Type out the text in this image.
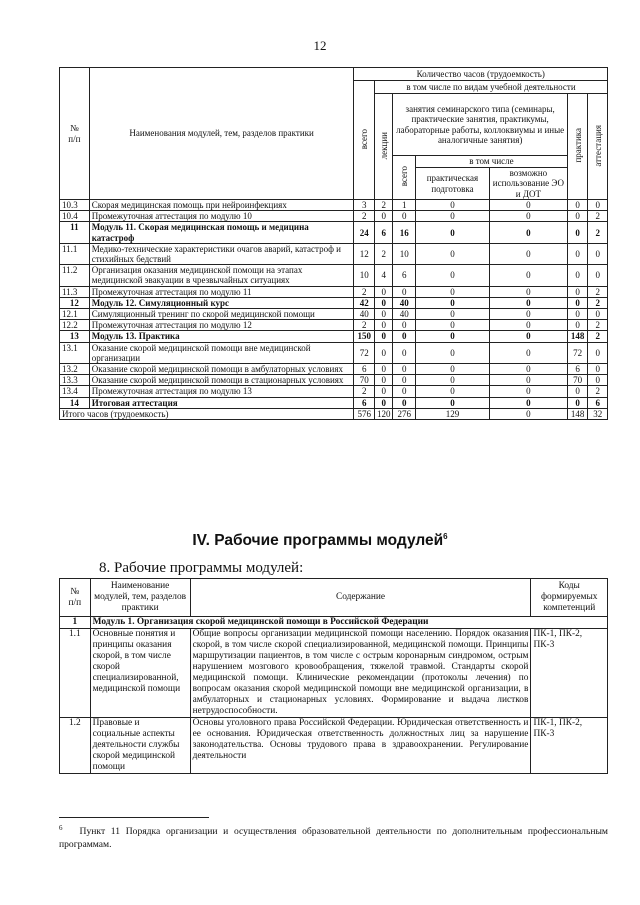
12
№
п/п	Наименования модулей, тем, разделов практики	Количество часов (трудоемкость)						
		всего	в том числе по видам учебной деятельности					
			лекции	занятия семинарского типа (семинары, практические занятия, практикумы, лабораторные работы, коллоквиумы и иные аналогичные занятия)			практика	аттестация
				всего	в том числе			
					практическая подготовка	возможно использование ЭО и ДОТ		
10.3	Скорая медицинская помощь при нейроинфекциях	3	2	1	0	0	0	0
10.4	Промежуточная аттестация по модулю 10	2	0	0	0	0	0	2
11	Модуль 11. Скорая медицинская помощь и медицина катастроф	24	6	16	0	0	0	2
11.1	Медико-технические характеристики очагов аварий, катастроф и стихийных бедствий	12	2	10	0	0	0	0
11.2	Организация оказания медицинской помощи на этапах медицинской эвакуации в чрезвычайных ситуациях	10	4	6	0	0	0	0
11.3	Промежуточная аттестация по модулю 11	2	0	0	0	0	0	2
12	Модуль 12. Симуляционный курс	42	0	40	0	0	0	2
12.1	Симуляционный тренинг по скорой медицинской помощи	40	0	40	0	0	0	0
12.2	Промежуточная аттестация по модулю 12	2	0	0	0	0	0	2
13	Модуль 13. Практика	150	0	0	0	0	148	2
13.1	Оказание скорой медицинской помощи вне медицинской организации	72	0	0	0	0	72	0
13.2	Оказание скорой медицинской помощи в амбулаторных условиях	6	0	0	0	0	6	0
13.3	Оказание скорой медицинской помощи в стационарных условиях	70	0	0	0	0	70	0
13.4	Промежуточная аттестация по модулю 13	2	0	0	0	0	0	2
14	Итоговая аттестация	6	0	0	0	0	0	6
Итого часов (трудоемкость)		576	120	276	129	0	148	32
IV. Рабочие программы модулей$^6$
8. Рабочие программы модулей:
№
п/п	Наименование модулей, тем, разделов практики	Содержание	Коды формируемых компетенций
1	Модуль 1. Организация скорой медицинской помощи в Российской Федерации		
1.1	Основные понятия и принципы оказания скорой, в том числе скорой специализированной, медицинской помощи	Общие вопросы организации медицинской помощи населению. Порядок оказания скорой, в том числе скорой специализированной, медицинской помощи. Принципы маршрутизации пациентов, в том числе с острым коронарным синдромом, острым нарушением мозгового кровообращения, тяжелой травмой. Стандарты скорой медицинской помощи. Клинические рекомендации (протоколы лечения) по вопросам оказания скорой медицинской помощи вне медицинской организации, в амбулаторных и стационарных условиях. Формирование и выдача листков нетрудоспособности.	ПК-1, ПК-2, ПК-3
1.2	Правовые и социальные аспекты деятельности службы скорой медицинской помощи	Основы уголовного права Российской Федерации. Юридическая ответственность и ее основания. Юридическая ответственность должностных лиц за нарушение законодательства. Основы трудового права в здравоохранении. Регулирование деятельности	ПК-1, ПК-2, ПК-3
$^6$ Пункт 11 Порядка организации и осуществления образовательной деятельности по дополнительным профессиональным программам.
